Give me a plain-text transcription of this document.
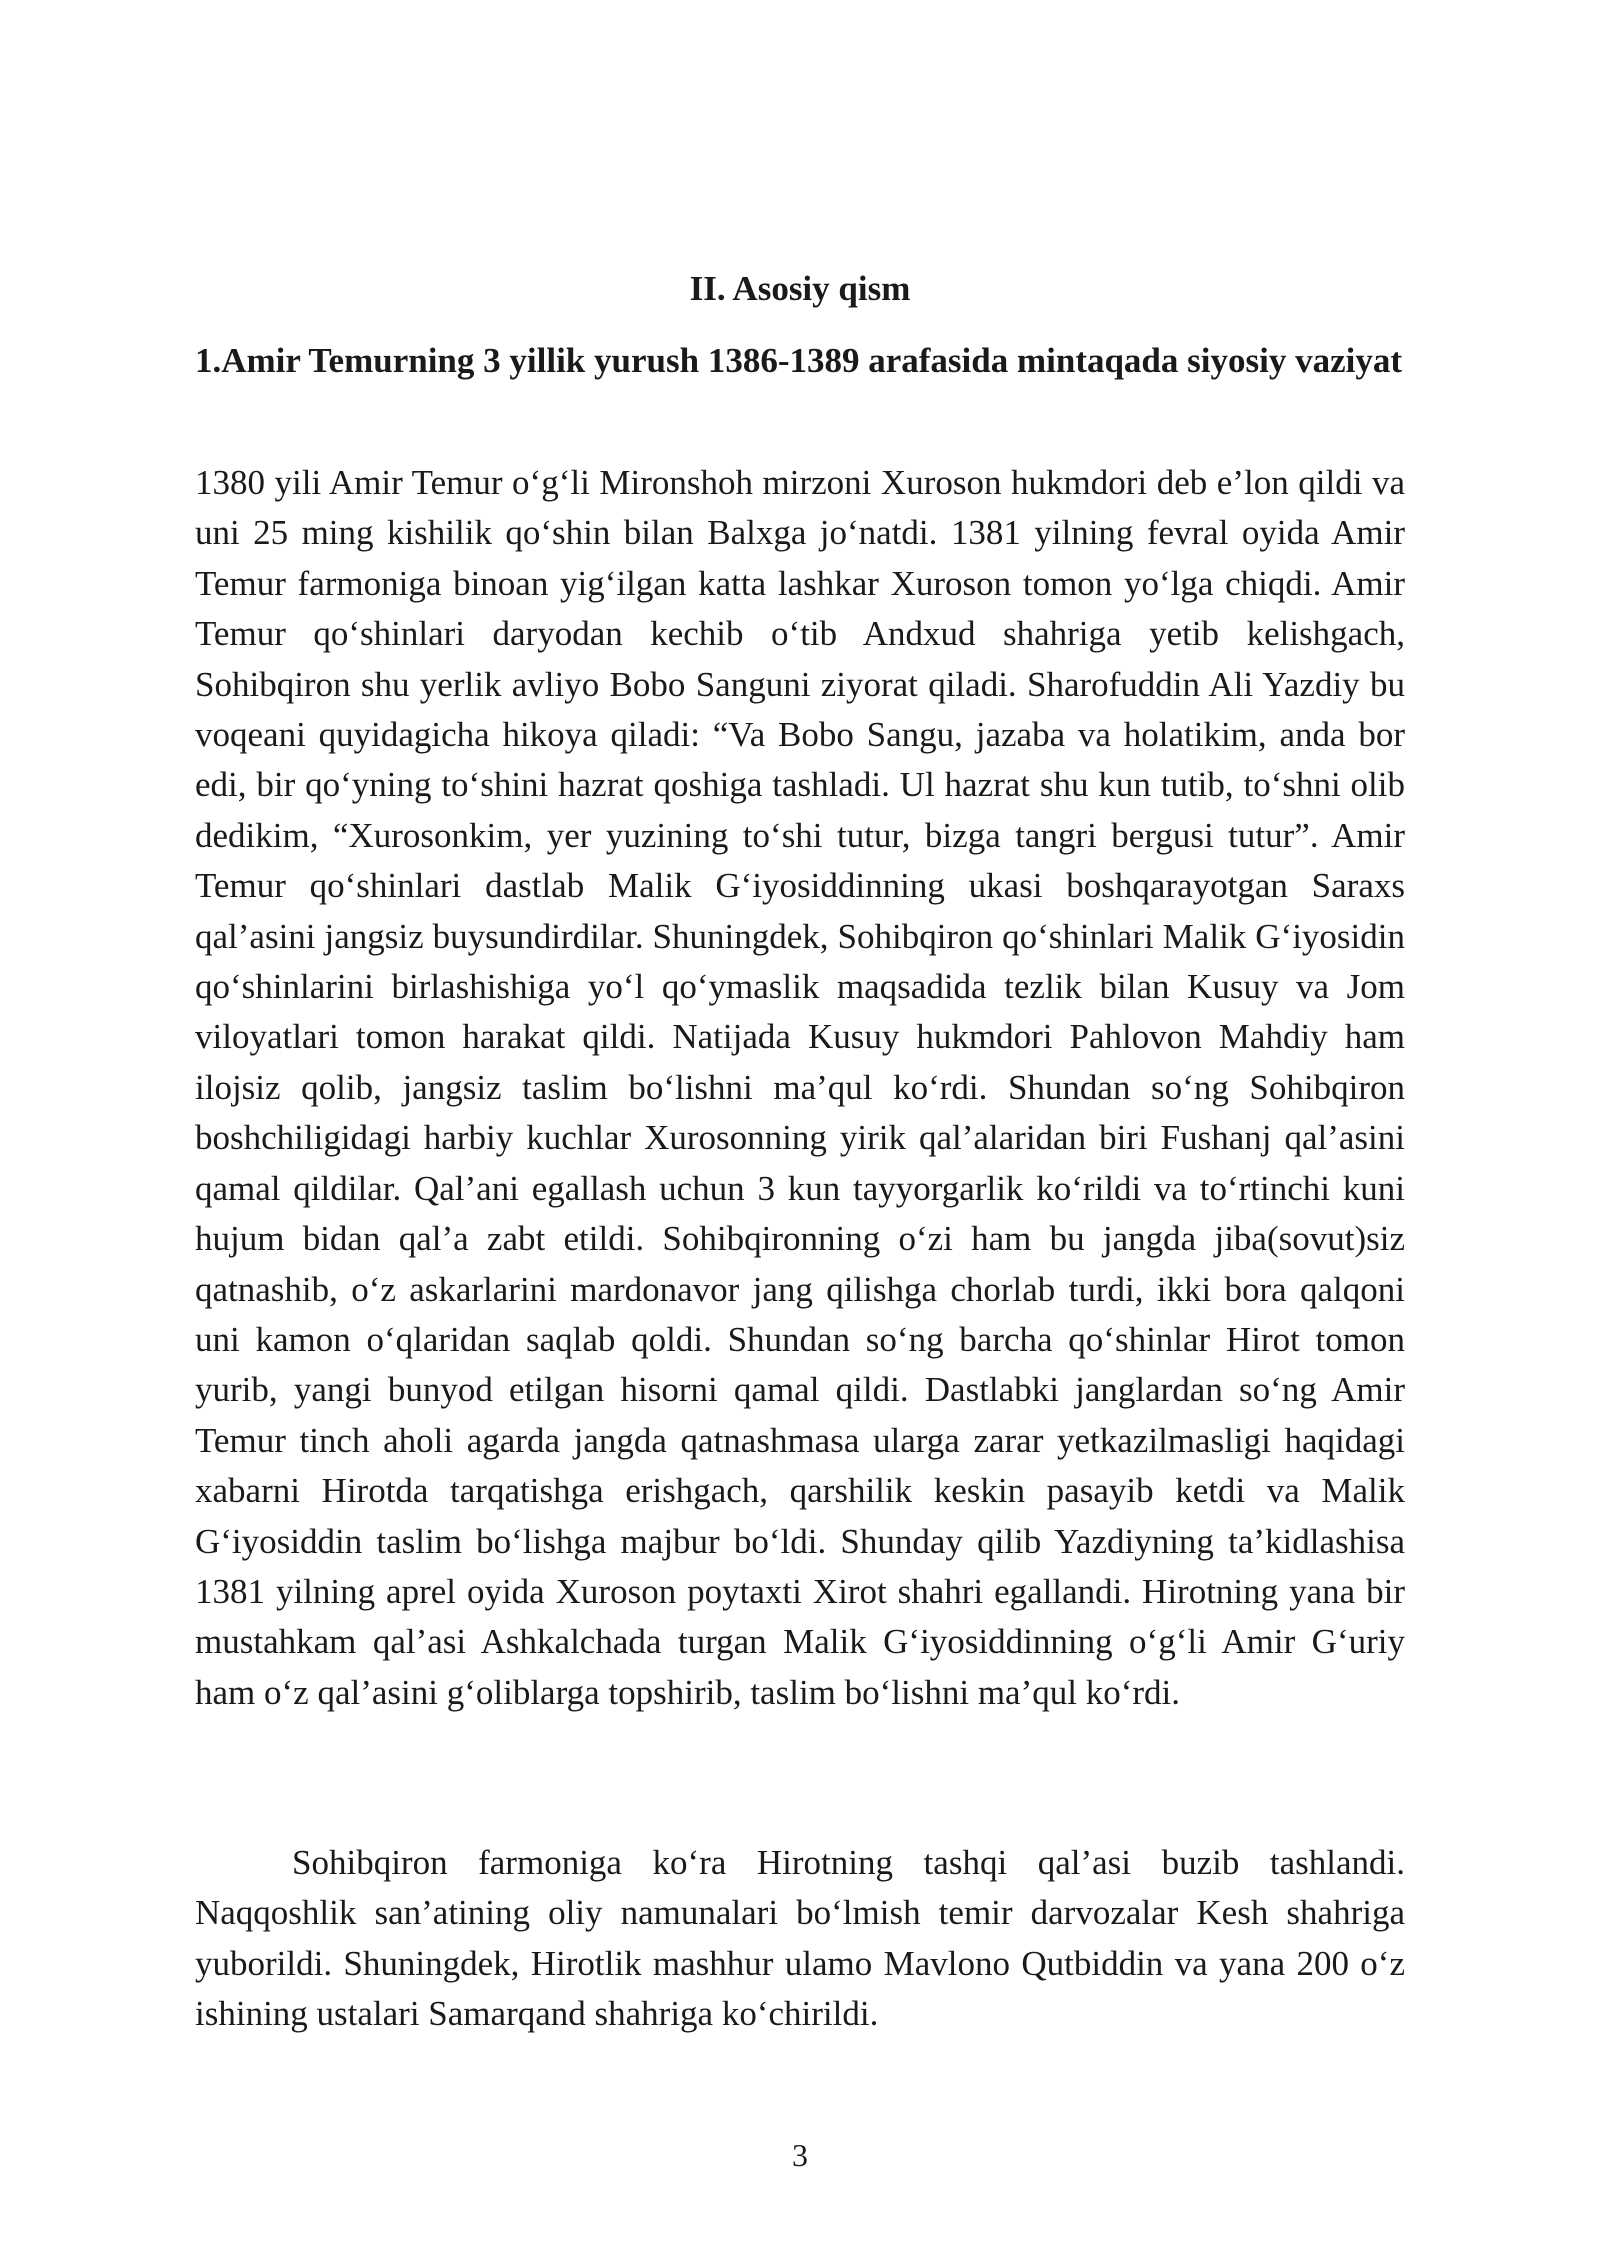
II. Asosiy qism
1.Amir Temurning 3 yillik yurush 1386-1389 arafasida mintaqada siyosiy vaziyat

1380 yili Amir Temur o‘g‘li Mironshoh mirzoni Xuroson hukmdori deb e’lon qildi va uni 25 ming kishilik qo‘shin bilan Balxga jo‘natdi. 1381 yilning fevral oyida Amir Temur farmoniga binoan yig‘ilgan katta lashkar Xuroson tomon yo‘lga chiqdi. Amir Temur qo‘shinlari daryodan kechib o‘tib Andxud shahriga yetib kelishgach, Sohibqiron shu yerlik avliyo Bobo Sanguni ziyorat qiladi. Sharofuddin Ali Yazdiy bu voqeani quyidagicha hikoya qiladi: “Va Bobo Sangu, jazaba va holatikim, anda bor edi, bir qo‘yning to‘shini hazrat qoshiga tashladi. Ul hazrat shu kun tutib, to‘shni olib dedikim, “Xurosonkim, yer yuzining to‘shi tutur, bizga tangri bergusi tutur”. Amir Temur qo‘shinlari dastlab Malik G‘iyosiddinning ukasi boshqarayotgan Saraxs qal’asini jangsiz buysundirdilar. Shuningdek, Sohibqiron qo‘shinlari Malik G‘iyosidin qo‘shinlarini birlashishiga yo‘l qo‘ymaslik maqsadida tezlik bilan Kusuy va Jom viloyatlari tomon harakat qildi. Natijada Kusuy hukmdori Pahlovon Mahdiy ham ilojsiz qolib, jangsiz taslim bo‘lishni ma’qul ko‘rdi. Shundan so‘ng Sohibqiron boshchiligidagi harbiy kuchlar Xurosonning yirik qal’alaridan biri Fushanj qal’asini qamal qildilar. Qal’ani egallash uchun 3 kun tayyorgarlik ko‘rildi va to‘rtinchi kuni hujum bidan qal’a zabt etildi. Sohibqironning o‘zi ham bu jangda jiba(sovut)siz qatnashib, o‘z askarlarini mardonavor jang qilishga chorlab turdi, ikki bora qalqoni uni kamon o‘qlaridan saqlab qoldi. Shundan so‘ng barcha qo‘shinlar Hirot tomon yurib, yangi bunyod etilgan hisorni qamal qildi. Dastlabki janglardan so‘ng Amir Temur tinch aholi agarda jangda qatnashmasa ularga zarar yetkazilmasligi haqidagi xabarni Hirotda tarqatishga erishgach, qarshilik keskin pasayib ketdi va Malik G‘iyosiddin taslim bo‘lishga majbur bo‘ldi. Shunday qilib Yazdiyning ta’kidlashisa 1381 yilning aprel oyida Xuroson poytaxti Xirot shahri egallandi. Hirotning yana bir mustahkam qal’asi Ashkalchada turgan Malik G‘iyosiddinning o‘g‘li Amir G‘uriy ham o‘z qal’asini g‘oliblarga topshirib, taslim bo‘lishni ma’qul ko‘rdi.

Sohibqiron farmoniga ko‘ra Hirotning tashqi qal’asi buzib tashlandi. Naqqoshlik san’atining oliy namunalari bo‘lmish temir darvozalar Kesh shahriga yuborildi. Shuningdek, Hirotlik mashhur ulamo Mavlono Qutbiddin va yana 200 o‘z ishining ustalari Samarqand shahriga ko‘chirildi.

3
